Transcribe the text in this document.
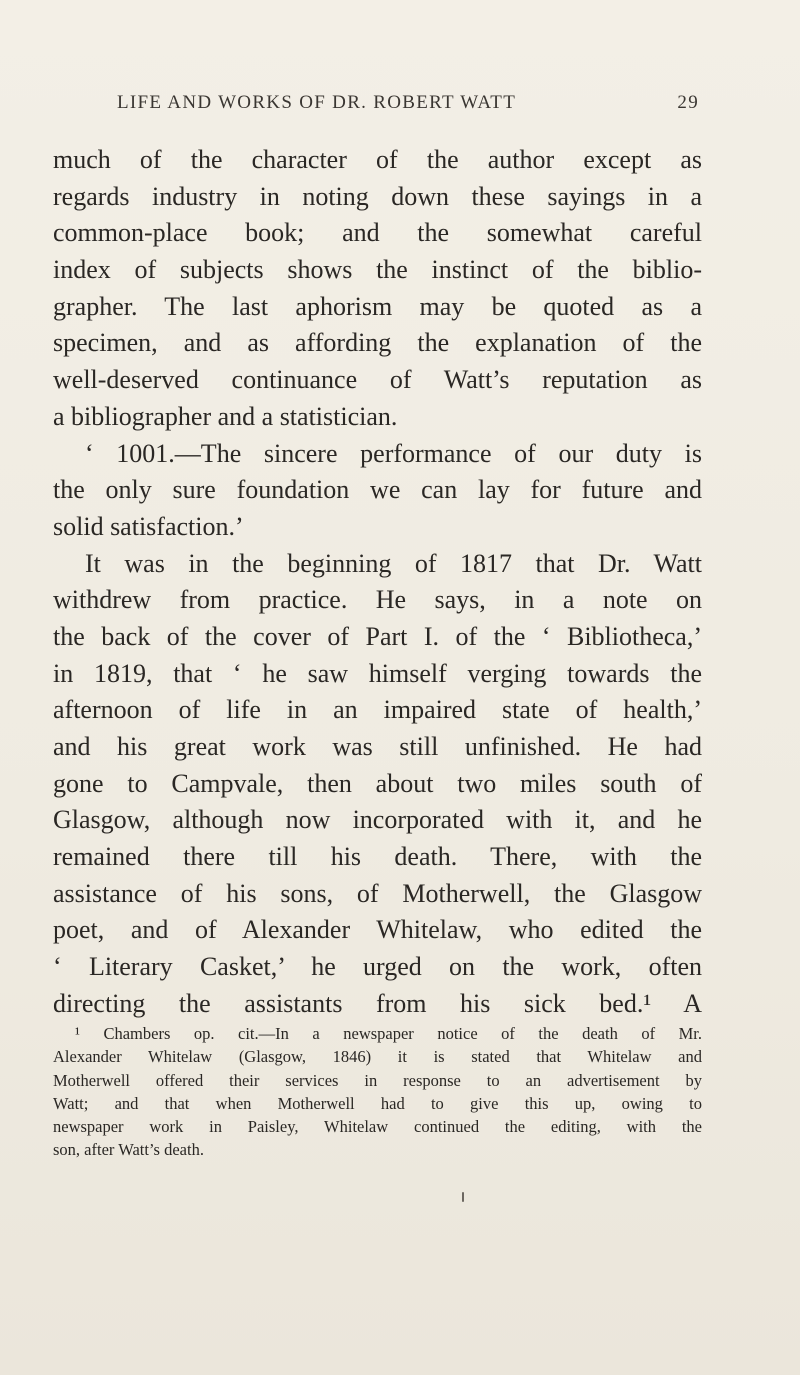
LIFE AND WORKS OF DR. ROBERT WATT	29
much of the character of the author except as
regards industry in noting down these sayings in a
common-place book; and the somewhat careful
index of subjects shows the instinct of the biblio-
grapher. The last aphorism may be quoted as a
specimen, and as affording the explanation of the
well-deserved continuance of Watt’s reputation as
a bibliographer and a statistician.
‘ 1001.—The sincere performance of our duty is
the only sure foundation we can lay for future and
solid satisfaction.’
It was in the beginning of 1817 that Dr. Watt
withdrew from practice. He says, in a note on
the back of the cover of Part I. of the ‘ Bibliotheca,’
in 1819, that ‘ he saw himself verging towards the
afternoon of life in an impaired state of health,’
and his great work was still unfinished. He had
gone to Campvale, then about two miles south of
Glasgow, although now incorporated with it, and he
remained there till his death. There, with the
assistance of his sons, of Motherwell, the Glasgow
poet, and of Alexander Whitelaw, who edited the
‘ Literary Casket,’ he urged on the work, often
directing the assistants from his sick bed.¹ A
¹ Chambers op. cit.—In a newspaper notice of the death of Mr.
Alexander Whitelaw (Glasgow, 1846) it is stated that Whitelaw and
Motherwell offered their services in response to an advertisement by
Watt; and that when Motherwell had to give this up, owing to
newspaper work in Paisley, Whitelaw continued the editing, with the
son, after Watt’s death.
